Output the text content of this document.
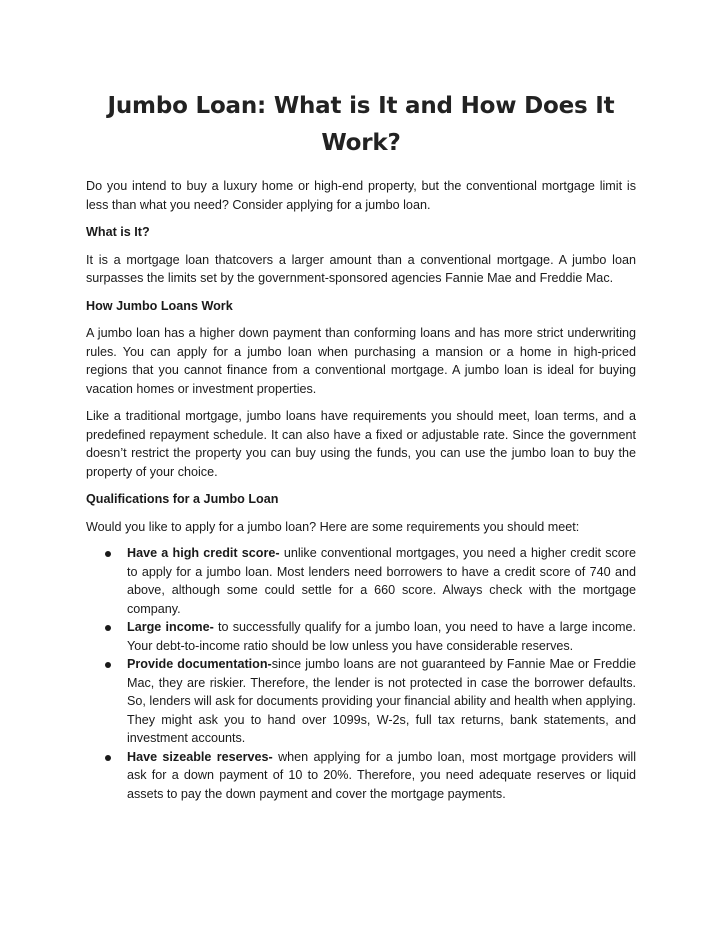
Jumbo Loan: What is It and How Does It Work?

Do you intend to buy a luxury home or high-end property, but the conventional mortgage limit is less than what you need? Consider applying for a jumbo loan.

What is It?

It is a mortgage loan thatcovers a larger amount than a conventional mortgage. A jumbo loan surpasses the limits set by the government-sponsored agencies Fannie Mae and Freddie Mac.

How Jumbo Loans Work

A jumbo loan has a higher down payment than conforming loans and has more strict underwriting rules. You can apply for a jumbo loan when purchasing a mansion or a home in high-priced regions that you cannot finance from a conventional mortgage. A jumbo loan is ideal for buying vacation homes or investment properties.

Like a traditional mortgage, jumbo loans have requirements you should meet, loan terms, and a predefined repayment schedule. It can also have a fixed or adjustable rate. Since the government doesn’t restrict the property you can buy using the funds, you can use the jumbo loan to buy the property of your choice.

Qualifications for a Jumbo Loan

Would you like to apply for a jumbo loan? Here are some requirements you should meet:

Have a high credit score- unlike conventional mortgages, you need a higher credit score to apply for a jumbo loan. Most lenders need borrowers to have a credit score of 740 and above, although some could settle for a 660 score. Always check with the mortgage company.
Large income- to successfully qualify for a jumbo loan, you need to have a large income. Your debt-to-income ratio should be low unless you have considerable reserves.
Provide documentation-since jumbo loans are not guaranteed by Fannie Mae or Freddie Mac, they are riskier. Therefore, the lender is not protected in case the borrower defaults. So, lenders will ask for documents providing your financial ability and health when applying. They might ask you to hand over 1099s, W-2s, full tax returns, bank statements, and investment accounts.
Have sizeable reserves- when applying for a jumbo loan, most mortgage providers will ask for a down payment of 10 to 20%. Therefore, you need adequate reserves or liquid assets to pay the down payment and cover the mortgage payments.
